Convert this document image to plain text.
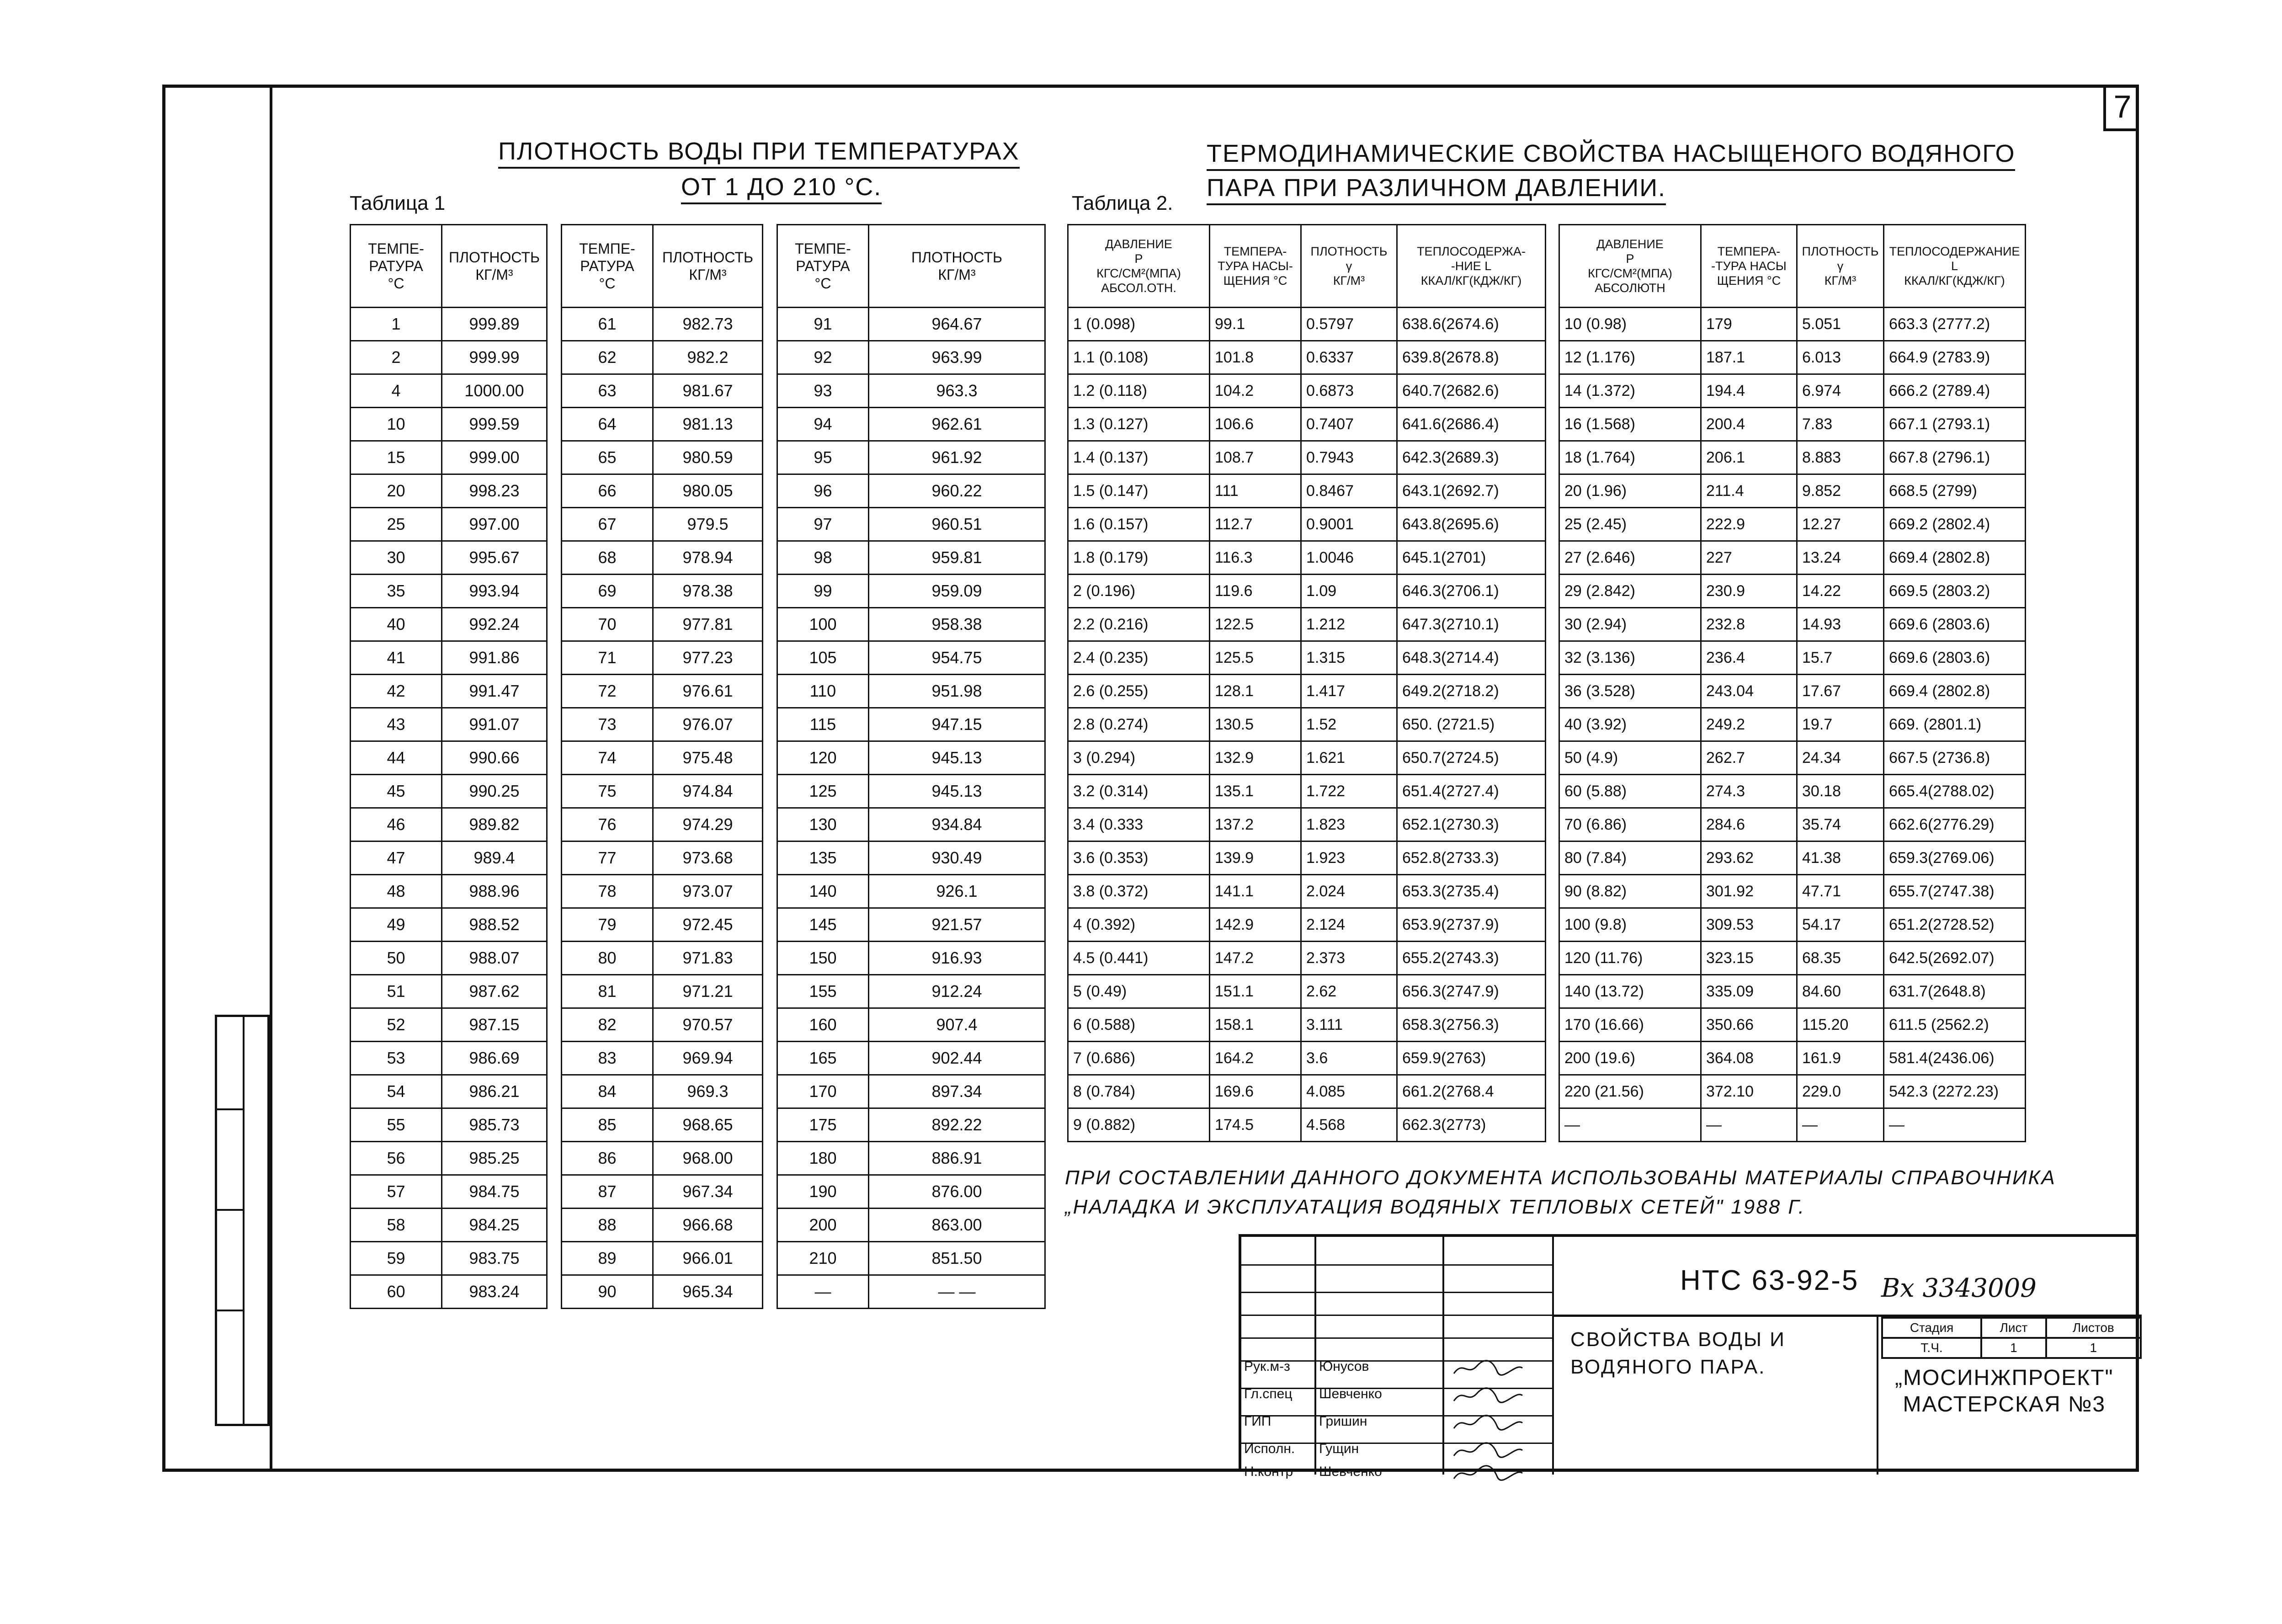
7
ПЛОТНОСТЬ ВОДЫ ПРИ ТЕМПЕРАТУРАХ
ОТ 1 ДО 210 °С.
Таблица 1
ТЕМПЕ-
РАТУРА
°С	ПЛОТНОСТЬ
КГ/М³		ТЕМПЕ-
РАТУРА
°С	ПЛОТНОСТЬ
КГ/М³		ТЕМПЕ-
РАТУРА
°С	ПЛОТНОСТЬ
КГ/М³
1	999.89		61	982.73		91	964.67
2	999.99		62	982.2		92	963.99
4	1000.00		63	981.67		93	963.3
10	999.59		64	981.13		94	962.61
15	999.00		65	980.59		95	961.92
20	998.23		66	980.05		96	960.22
25	997.00		67	979.5		97	960.51
30	995.67		68	978.94		98	959.81
35	993.94		69	978.38		99	959.09
40	992.24		70	977.81		100	958.38
41	991.86		71	977.23		105	954.75
42	991.47		72	976.61		110	951.98
43	991.07		73	976.07		115	947.15
44	990.66		74	975.48		120	945.13
45	990.25		75	974.84		125	945.13
46	989.82		76	974.29		130	934.84
47	989.4		77	973.68		135	930.49
48	988.96		78	973.07		140	926.1
49	988.52		79	972.45		145	921.57
50	988.07		80	971.83		150	916.93
51	987.62		81	971.21		155	912.24
52	987.15		82	970.57		160	907.4
53	986.69		83	969.94		165	902.44
54	986.21		84	969.3		170	897.34
55	985.73		85	968.65		175	892.22
56	985.25		86	968.00		180	886.91
57	984.75		87	967.34		190	876.00
58	984.25		88	966.68		200	863.00
59	983.75		89	966.01		210	851.50
60	983.24		90	965.34		—	— —
ТЕРМОДИНАМИЧЕСКИЕ СВОЙСТВА НАСЫЩЕНОГО ВОДЯНОГО
ПАРА ПРИ РАЗЛИЧНОМ ДАВЛЕНИИ.
Таблица 2.
ДАВЛЕНИЕ
P
КГС/СМ²(МПА)
АБСОЛ.ОТН.	ТЕМПЕРА-
ТУРА НАСЫ-
ЩЕНИЯ °С	ПЛОТНОСТЬ
γ
КГ/М³	ТЕПЛОСОДЕРЖА-
-НИЕ L
ККАЛ/КГ(КДЖ/КГ)		ДАВЛЕНИЕ
P
КГС/СМ²(МПА)
АБСОЛЮТН	ТЕМПЕРА-
-ТУРА НАСЫ
ЩЕНИЯ °С	ПЛОТНОСТЬ
γ
КГ/М³	ТЕПЛОСОДЕРЖАНИЕ
L
ККАЛ/КГ(КДЖ/КГ)
1 (0.098)	99.1	0.5797	638.6(2674.6)		10 (0.98)	179	5.051	663.3 (2777.2)
1.1 (0.108)	101.8	0.6337	639.8(2678.8)		12 (1.176)	187.1	6.013	664.9 (2783.9)
1.2 (0.118)	104.2	0.6873	640.7(2682.6)		14 (1.372)	194.4	6.974	666.2 (2789.4)
1.3 (0.127)	106.6	0.7407	641.6(2686.4)		16 (1.568)	200.4	7.83	667.1 (2793.1)
1.4 (0.137)	108.7	0.7943	642.3(2689.3)		18 (1.764)	206.1	8.883	667.8 (2796.1)
1.5 (0.147)	111	0.8467	643.1(2692.7)		20 (1.96)	211.4	9.852	668.5 (2799)
1.6 (0.157)	112.7	0.9001	643.8(2695.6)		25 (2.45)	222.9	12.27	669.2 (2802.4)
1.8 (0.179)	116.3	1.0046	645.1(2701)		27 (2.646)	227	13.24	669.4 (2802.8)
2 (0.196)	119.6	1.09	646.3(2706.1)		29 (2.842)	230.9	14.22	669.5 (2803.2)
2.2 (0.216)	122.5	1.212	647.3(2710.1)		30 (2.94)	232.8	14.93	669.6 (2803.6)
2.4 (0.235)	125.5	1.315	648.3(2714.4)		32 (3.136)	236.4	15.7	669.6 (2803.6)
2.6 (0.255)	128.1	1.417	649.2(2718.2)		36 (3.528)	243.04	17.67	669.4 (2802.8)
2.8 (0.274)	130.5	1.52	650. (2721.5)		40 (3.92)	249.2	19.7	669. (2801.1)
3 (0.294)	132.9	1.621	650.7(2724.5)		50 (4.9)	262.7	24.34	667.5 (2736.8)
3.2 (0.314)	135.1	1.722	651.4(2727.4)		60 (5.88)	274.3	30.18	665.4(2788.02)
3.4 (0.333	137.2	1.823	652.1(2730.3)		70 (6.86)	284.6	35.74	662.6(2776.29)
3.6 (0.353)	139.9	1.923	652.8(2733.3)		80 (7.84)	293.62	41.38	659.3(2769.06)
3.8 (0.372)	141.1	2.024	653.3(2735.4)		90 (8.82)	301.92	47.71	655.7(2747.38)
4 (0.392)	142.9	2.124	653.9(2737.9)		100 (9.8)	309.53	54.17	651.2(2728.52)
4.5 (0.441)	147.2	2.373	655.2(2743.3)		120 (11.76)	323.15	68.35	642.5(2692.07)
5 (0.49)	151.1	2.62	656.3(2747.9)		140 (13.72)	335.09	84.60	631.7(2648.8)
6 (0.588)	158.1	3.111	658.3(2756.3)		170 (16.66)	350.66	115.20	611.5 (2562.2)
7 (0.686)	164.2	3.6	659.9(2763)		200 (19.6)	364.08	161.9	581.4(2436.06)
8 (0.784)	169.6	4.085	661.2(2768.4		220 (21.56)	372.10	229.0	542.3 (2272.23)
9 (0.882)	174.5	4.568	662.3(2773)		—	—	—	—
ПРИ СОСТАВЛЕНИИ ДАННОГО ДОКУМЕНТА ИСПОЛЬЗОВАНЫ МАТЕРИАЛЫ СПРАВОЧНИКА
„НАЛАДКА И ЭКСПЛУАТАЦИЯ ВОДЯНЫХ ТЕПЛОВЫХ СЕТЕЙ" 1988 Г.
Рук.м-з Юнусов
Гл.спец Шевченко
ГИП	Гришин
Исполн. Гущин
Н.контр Шевченко
НТС 63-92-5 Вх 3343009
Стадия	Лист	Листов
Т.Ч.	1	1
СВОЙСТВА ВОДЫ И
ВОДЯНОГО ПАРА.	„МОСИНЖПРОЕКТ"
МАСТЕРСКАЯ №3
